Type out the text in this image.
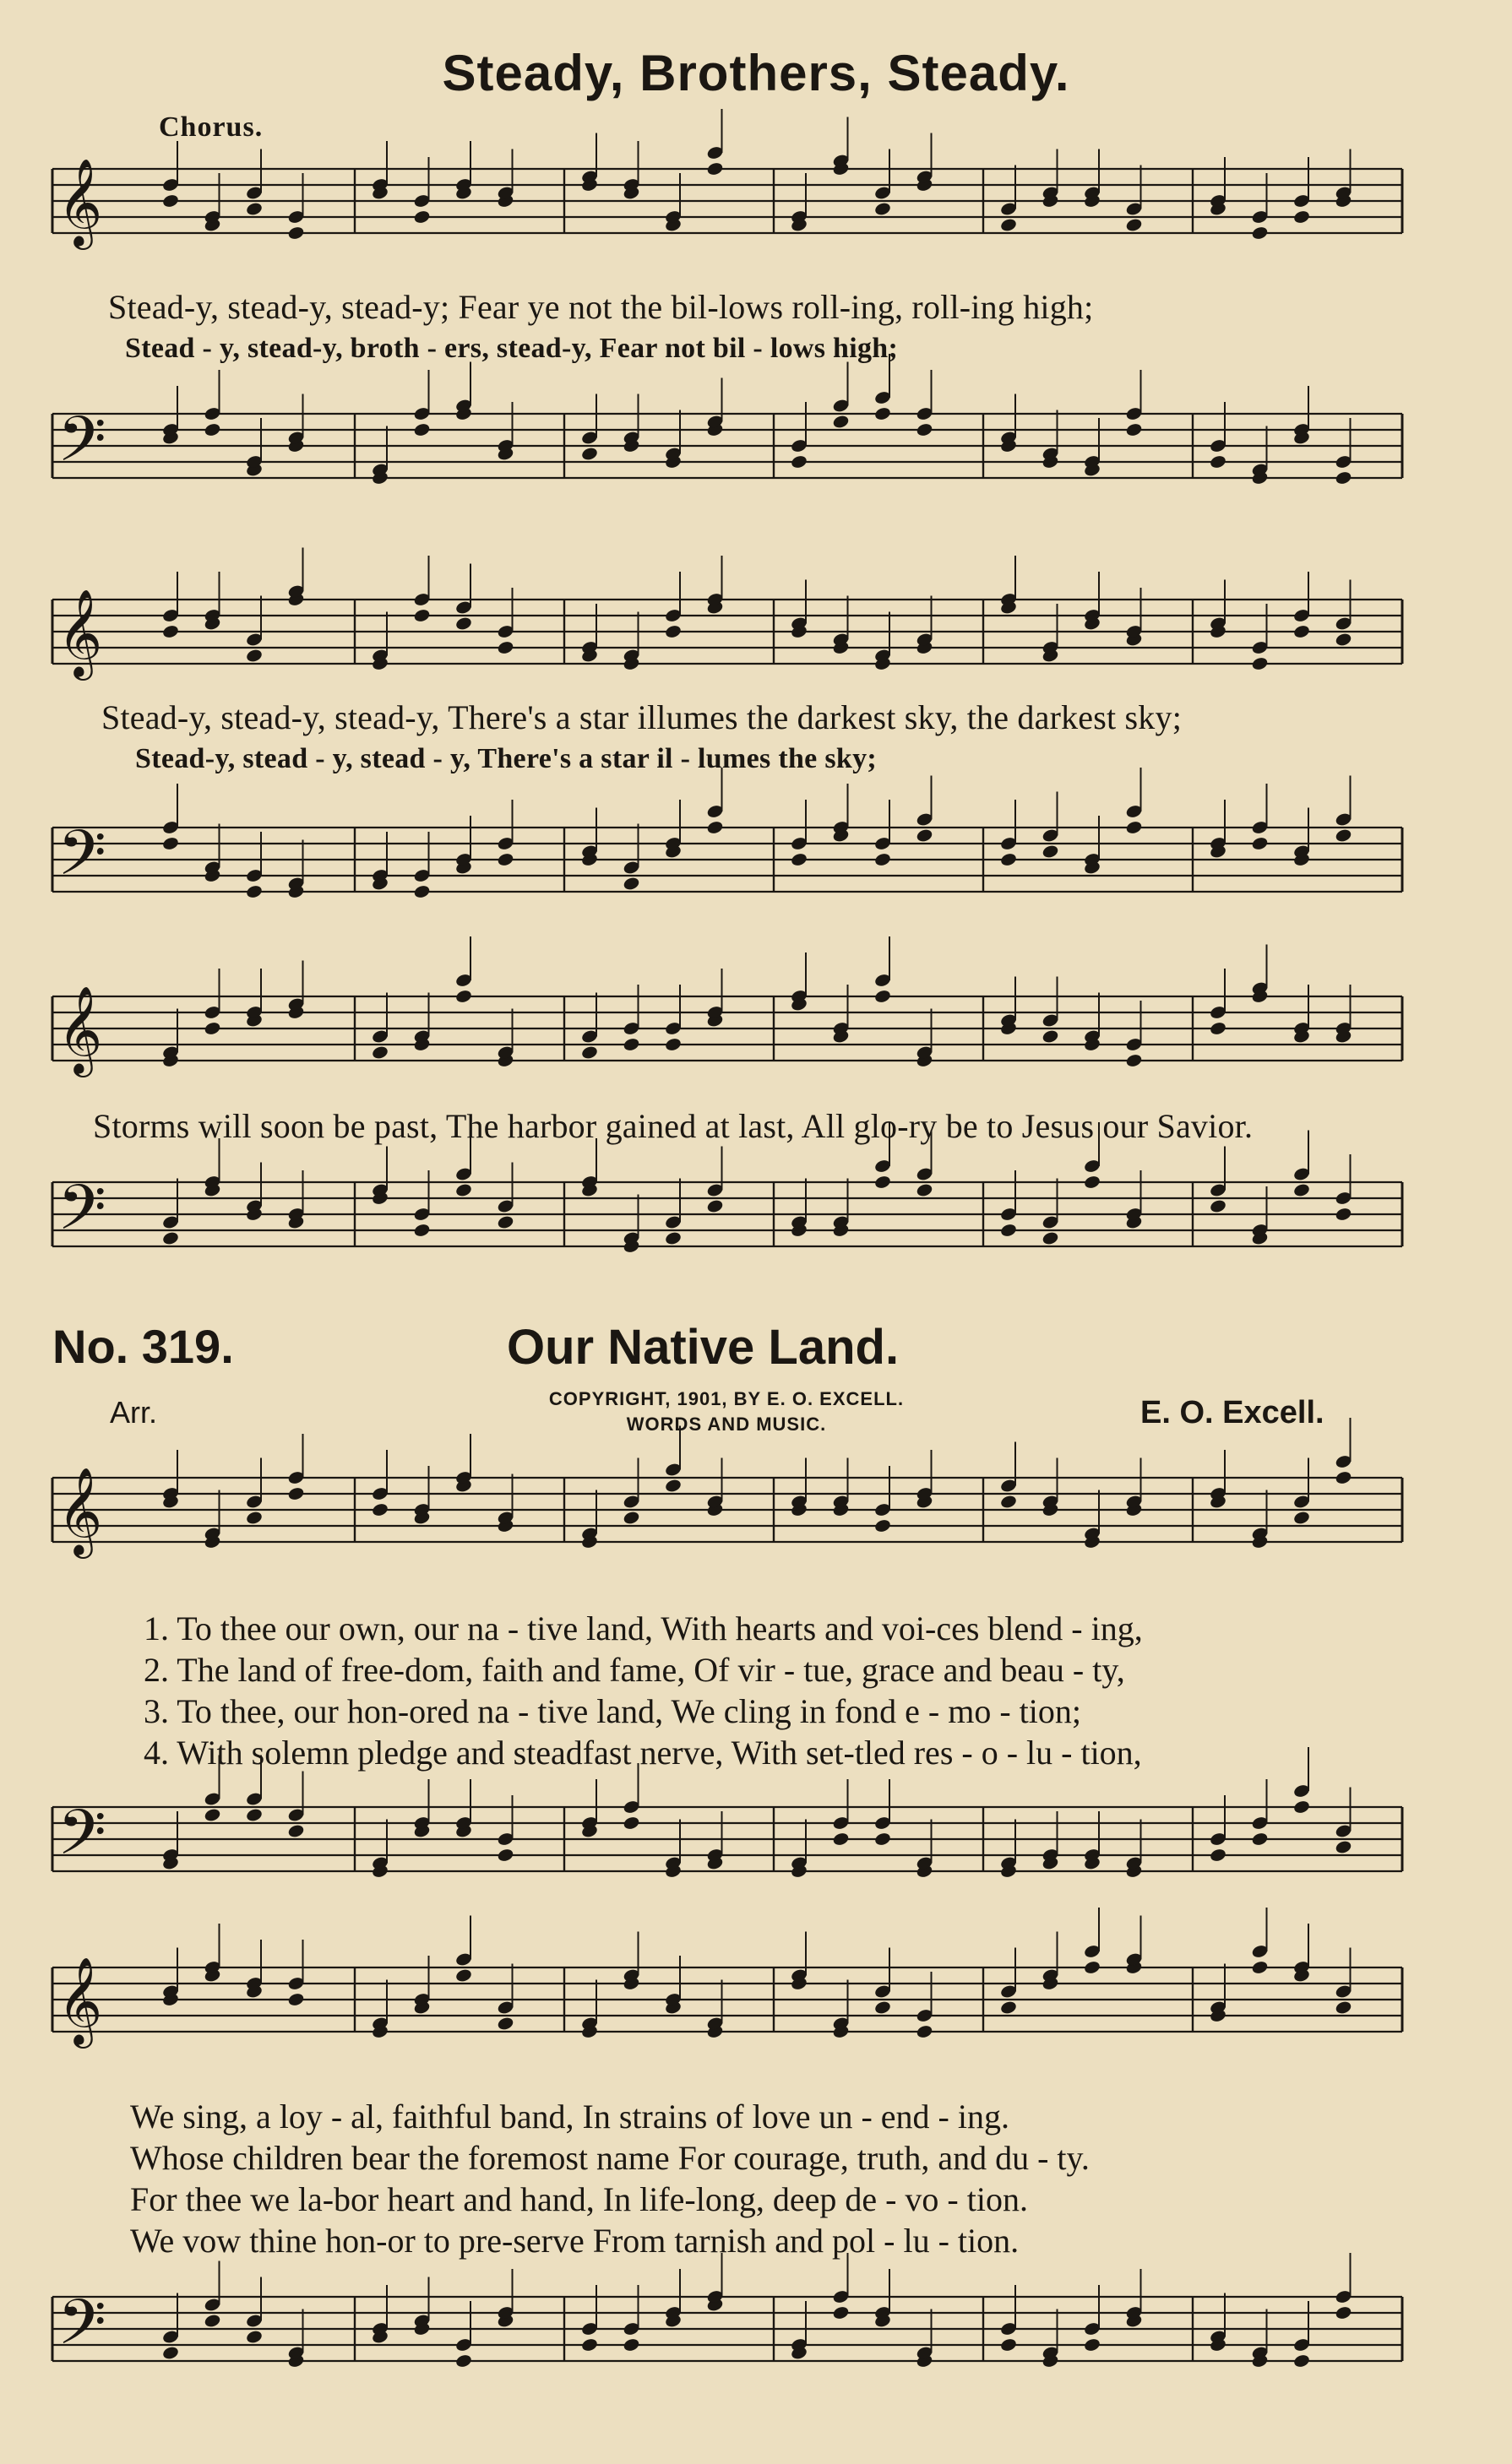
Steady, Brothers, Steady.
Chorus.
𝄞
Stead-y, stead-y, stead-y; Fear ye not the bil-lows roll-ing, roll-ing high;
Stead - y, stead-y, broth - ers, stead-y, Fear not bil - lows high;
𝄢
𝄞
Stead-y, stead-y, stead-y, There's a star illumes the darkest sky, the darkest sky;
Stead-y, stead - y, stead - y, There's a star il - lumes the sky;
𝄢
𝄞
Storms will soon be past, The harbor gained at last, All glo-ry be to Jesus our Savior.
𝄢
No. 319.	Our Native Land.
Arr.	COPYRIGHT, 1901, BY E. O. EXCELL.
WORDS AND MUSIC.	E. O. Excell.
𝄞
1. To thee our own, our na - tive land, With hearts and voi-ces blend - ing,
2. The land of free-dom, faith and fame, Of vir - tue, grace and beau - ty,
3. To thee, our hon-ored na - tive land, We cling in fond e - mo - tion;
4. With solemn pledge and steadfast nerve, With set-tled res - o - lu - tion,
𝄢
𝄞
We sing, a loy - al, faithful band, In strains of love un - end - ing.
Whose children bear the foremost name For courage, truth, and du - ty.
For thee we la-bor heart and hand, In life-long, deep de - vo - tion.
We vow thine hon-or to pre-serve From tarnish and pol - lu - tion.
𝄢
